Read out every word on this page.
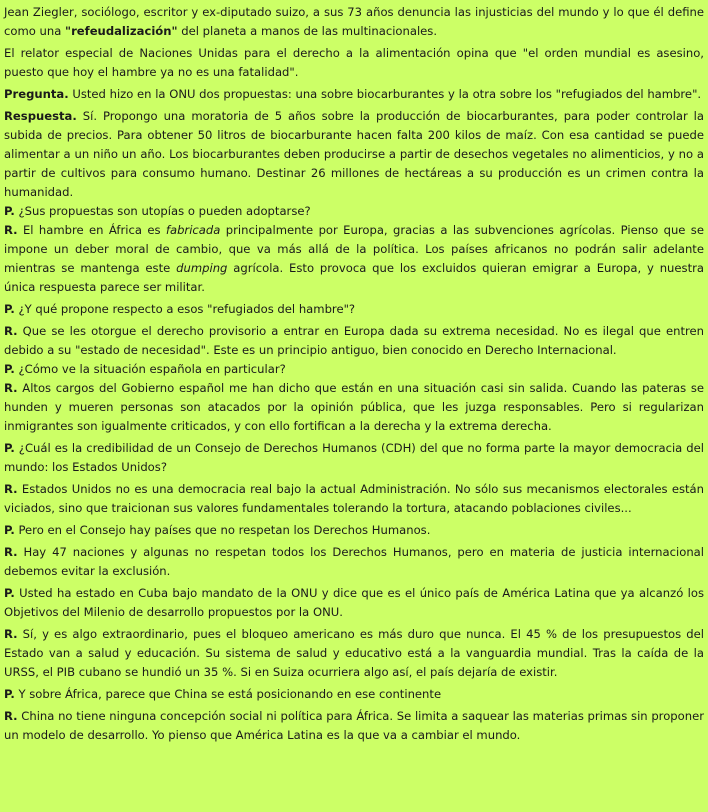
Jean Ziegler, sociólogo, escritor y ex-diputado suizo, a sus 73 años denuncia las injusticias del mundo y lo que él define como una "refeudalización" del planeta a manos de las multinacionales.

El relator especial de Naciones Unidas para el derecho a la alimentación opina que "el orden mundial es asesino, puesto que hoy el hambre ya no es una fatalidad".

Pregunta. Usted hizo en la ONU dos propuestas: una sobre biocarburantes y la otra sobre los "refugiados del hambre".

Respuesta. Sí. Propongo una moratoria de 5 años sobre la producción de biocarburantes, para poder controlar la subida de precios. Para obtener 50 litros de biocarburante hacen falta 200 kilos de maíz. Con esa cantidad se puede alimentar a un niño un año. Los biocarburantes deben producirse a partir de desechos vegetales no alimenticios, y no a partir de cultivos para consumo humano. Destinar 26 millones de hectáreas a su producción es un crimen contra la humanidad.

P. ¿Sus propuestas son utopías o pueden adoptarse?

R. El hambre en África es fabricada principalmente por Europa, gracias a las subvenciones agrícolas. Pienso que se impone un deber moral de cambio, que va más allá de la política. Los países africanos no podrán salir adelante mientras se mantenga este dumping agrícola. Esto provoca que los excluidos quieran emigrar a Europa, y nuestra única respuesta parece ser militar.

P. ¿Y qué propone respecto a esos "refugiados del hambre"?

R. Que se les otorgue el derecho provisorio a entrar en Europa dada su extrema necesidad. No es ilegal que entren debido a su "estado de necesidad". Este es un principio antiguo, bien conocido en Derecho Internacional.

P. ¿Cómo ve la situación española en particular?

R. Altos cargos del Gobierno español me han dicho que están en una situación casi sin salida. Cuando las pateras se hunden y mueren personas son atacados por la opinión pública, que les juzga responsables. Pero si regularizan inmigrantes son igualmente criticados, y con ello fortifican a la derecha y la extrema derecha.

P. ¿Cuál es la credibilidad de un Consejo de Derechos Humanos (CDH) del que no forma parte la mayor democracia del mundo: los Estados Unidos?

R. Estados Unidos no es una democracia real bajo la actual Administración. No sólo sus mecanismos electorales están viciados, sino que traicionan sus valores fundamentales tolerando la tortura, atacando poblaciones civiles...

P. Pero en el Consejo hay países que no respetan los Derechos Humanos.

R. Hay 47 naciones y algunas no respetan todos los Derechos Humanos, pero en materia de justicia internacional debemos evitar la exclusión.

P. Usted ha estado en Cuba bajo mandato de la ONU y dice que es el único país de América Latina que ya alcanzó los Objetivos del Milenio de desarrollo propuestos por la ONU.

R. Sí, y es algo extraordinario, pues el bloqueo americano es más duro que nunca. El 45 % de los presupuestos del Estado van a salud y educación. Su sistema de salud y educativo está a la vanguardia mundial. Tras la caída de la URSS, el PIB cubano se hundió un 35 %. Si en Suiza ocurriera algo así, el país dejaría de existir.

P. Y sobre África, parece que China se está posicionando en ese continente

R. China no tiene ninguna concepción social ni política para África. Se limita a saquear las materias primas sin proponer un modelo de desarrollo. Yo pienso que América Latina es la que va a cambiar el mundo.
